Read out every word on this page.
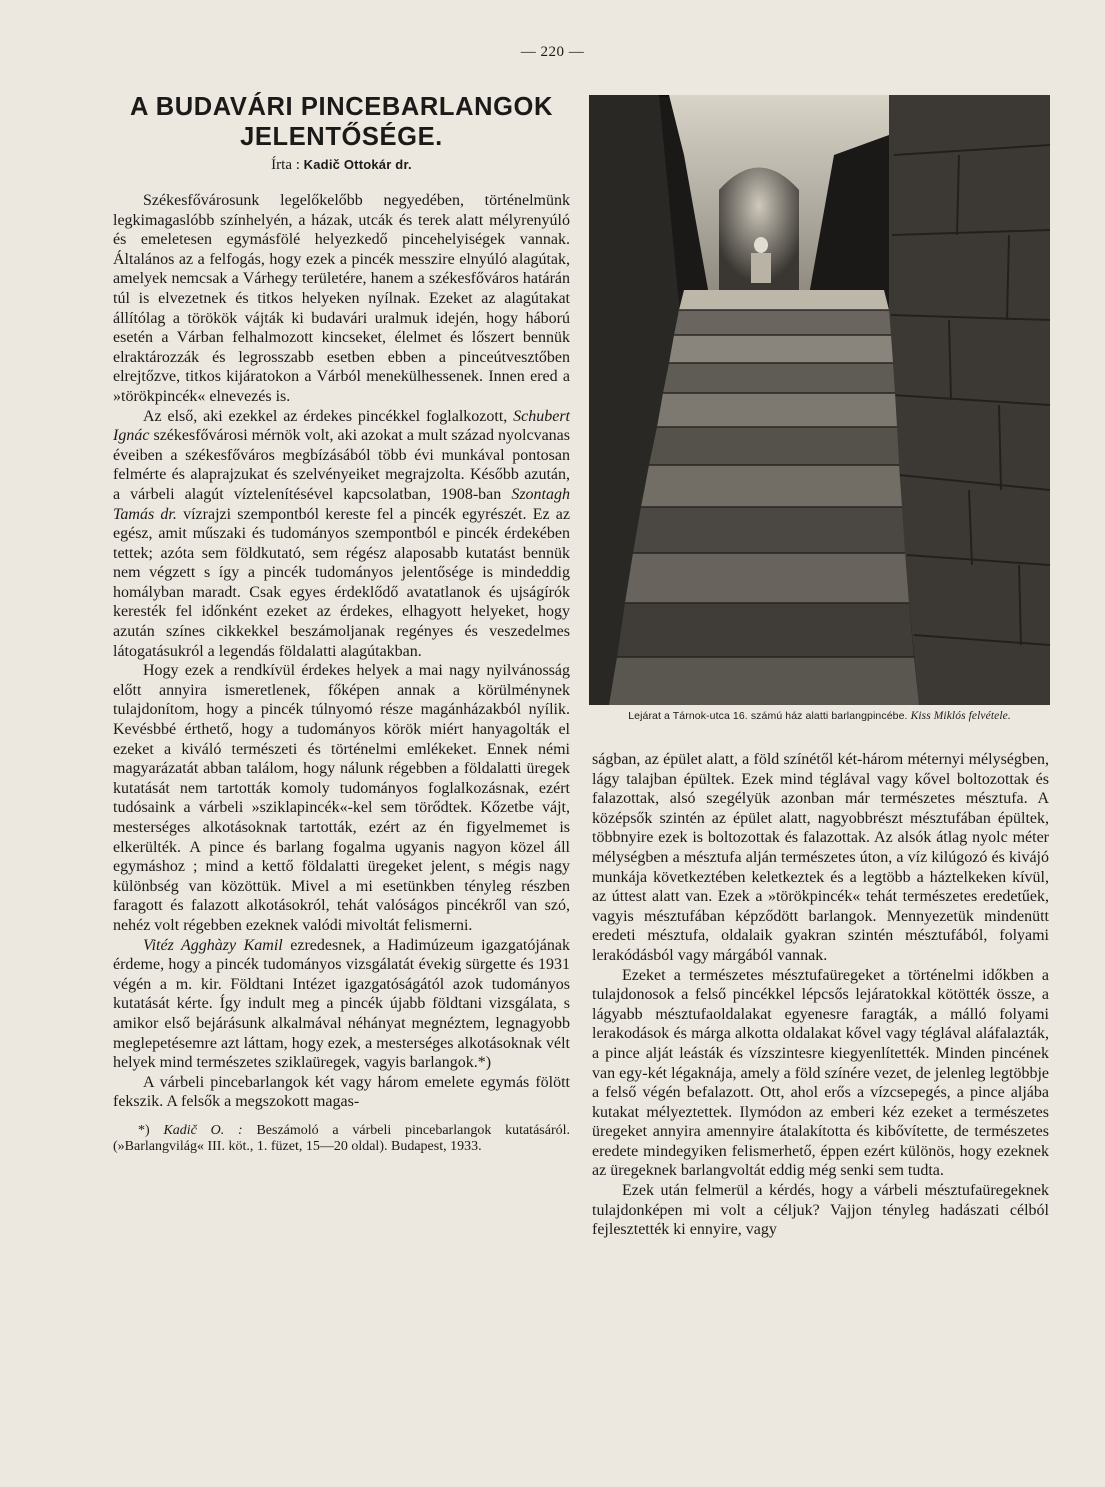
— 220 —
A BUDAVÁRI PINCEBARLANGOK
JELENTŐSÉGE.
Írta : Kadič Ottokár dr.

Székesfővárosunk legelőkelőbb negyedében, történelmünk legkimagaslóbb színhelyén, a házak, utcák és terek alatt mélyrenyúló és emeletesen egymásfölé helyezkedő pincehelyiségek vannak. Általános az a felfogás, hogy ezek a pincék messzire elnyúló alagútak, amelyek nemcsak a Várhegy területére, hanem a székesfőváros határán túl is elvezetnek és titkos helyeken nyílnak. Ezeket az alagútakat állítólag a törökök vájták ki budavári uralmuk idején, hogy háború esetén a Várban felhalmozott kincseket, élelmet és lőszert bennük elraktározzák és legrosszabb esetben ebben a pinceútvesztőben elrejtőzve, titkos kijáratokon a Várból menekülhessenek. Innen ered a »törökpincék« elnevezés is.

Az első, aki ezekkel az érdekes pincékkel foglalkozott, Schubert Ignác székesfővárosi mérnök volt, aki azokat a mult század nyolcvanas éveiben a székesfőváros megbízásából több évi munkával pontosan felmérte és alaprajzukat és szelvényeiket megrajzolta. Később azután, a várbeli alagút víztelenítésével kapcsolatban, 1908-ban Szontagh Tamás dr. vízrajzi szempontból kereste fel a pincék egyrészét. Ez az egész, amit műszaki és tudományos szempontból e pincék érdekében tettek; azóta sem földkutató, sem régész alaposabb kutatást bennük nem végzett s így a pincék tudományos jelentősége is mindeddig homályban maradt. Csak egyes érdeklődő avatatlanok és ujságírók keresték fel időnként ezeket az érdekes, elhagyott helyeket, hogy azután színes cikkekkel beszámoljanak regényes és veszedelmes látogatásukról a legendás földalatti alagútakban.

Hogy ezek a rendkívül érdekes helyek a mai nagy nyilvánosság előtt annyira ismeretlenek, főképen annak a körülménynek tulajdonítom, hogy a pincék túlnyomó része magánházakból nyílik. Kevésbbé érthető, hogy a tudományos körök miért hanyagolták el ezeket a kiváló természeti és történelmi emlékeket. Ennek némi magyarázatát abban találom, hogy nálunk régebben a földalatti üregek kutatását nem tartották komoly tudományos foglalkozásnak, ezért tudósaink a várbeli »sziklapincék«-kel sem törődtek. Kőzetbe vájt, mesterséges alkotásoknak tartották, ezért az én figyelmemet is elkerülték. A pince és barlang fogalma ugyanis nagyon közel áll egymáshoz ; mind a kettő földalatti üregeket jelent, s mégis nagy különbség van közöttük. Mivel a mi esetünkben tényleg részben faragott és falazott alkotásokról, tehát valóságos pincékről van szó, nehéz volt régebben ezeknek valódi mivoltát felismerni.

Vitéz Agghàzy Kamil ezredesnek, a Hadimúzeum igazgatójának érdeme, hogy a pincék tudományos vizsgálatát évekig sürgette és 1931 végén a m. kir. Földtani Intézet igazgatóságától azok tudományos kutatását kérte. Így indult meg a pincék újabb földtani vizsgálata, s amikor első bejárásunk alkalmával néhányat megnéztem, legnagyobb meglepetésemre azt láttam, hogy ezek, a mesterséges alkotásoknak vélt helyek mind természetes sziklaüregek, vagyis barlangok.*)

A várbeli pincebarlangok két vagy három emelete egymás fölött fekszik. A felsők a megszokott magas-

*) Kadič O. : Beszámoló a várbeli pincebarlangok kutatásáról. (»Barlangvilág« III. köt., 1. füzet, 15—20 oldal). Budapest, 1933.

Lejárat a Tárnok-utca 16. számú ház alatti barlangpincébe. Kiss Miklós felvétele.

ságban, az épület alatt, a föld színétől két-három méternyi mélységben, lágy talajban épültek. Ezek mind téglával vagy kővel boltozottak és falazottak, alsó szegélyük azonban már természetes mésztufa. A középsők szintén az épület alatt, nagyobbrészt mésztufában épültek, többnyire ezek is boltozottak és falazottak. Az alsók átlag nyolc méter mélységben a mésztufa alján természetes úton, a víz kilúgozó és kivájó munkája következtében keletkeztek és a legtöbb a háztelkeken kívül, az úttest alatt van. Ezek a »törökpincék« tehát természetes eredetűek, vagyis mésztufában képződött barlangok. Mennyezetük mindenütt eredeti mésztufa, oldalaik gyakran szintén mésztufából, folyami lerakódásból vagy márgából vannak.

Ezeket a természetes mésztufaüregeket a történelmi időkben a tulajdonosok a felső pincékkel lépcsős lejáratokkal kötötték össze, a lágyabb mésztufaoldalakat egyenesre faragták, a málló folyami lerakodások és márga alkotta oldalakat kővel vagy téglával aláfalazták, a pince alját leásták és vízszintesre kiegyenlítették. Minden pincének van egy-két légaknája, amely a föld színére vezet, de jelenleg legtöbbje a felső végén befalazott. Ott, ahol erős a vízcsepegés, a pince aljába kutakat mélyeztettek. Ilymódon az emberi kéz ezeket a természetes üregeket annyira amennyire átalakította és kibővítette, de természetes eredete mindegyiken felismerhető, éppen ezért különös, hogy ezeknek az üregeknek barlangvoltát eddig még senki sem tudta.

Ezek után felmerül a kérdés, hogy a várbeli mésztufaüregeknek tulajdonképen mi volt a céljuk? Vajjon tényleg hadászati célból fejlesztették ki ennyire, vagy
